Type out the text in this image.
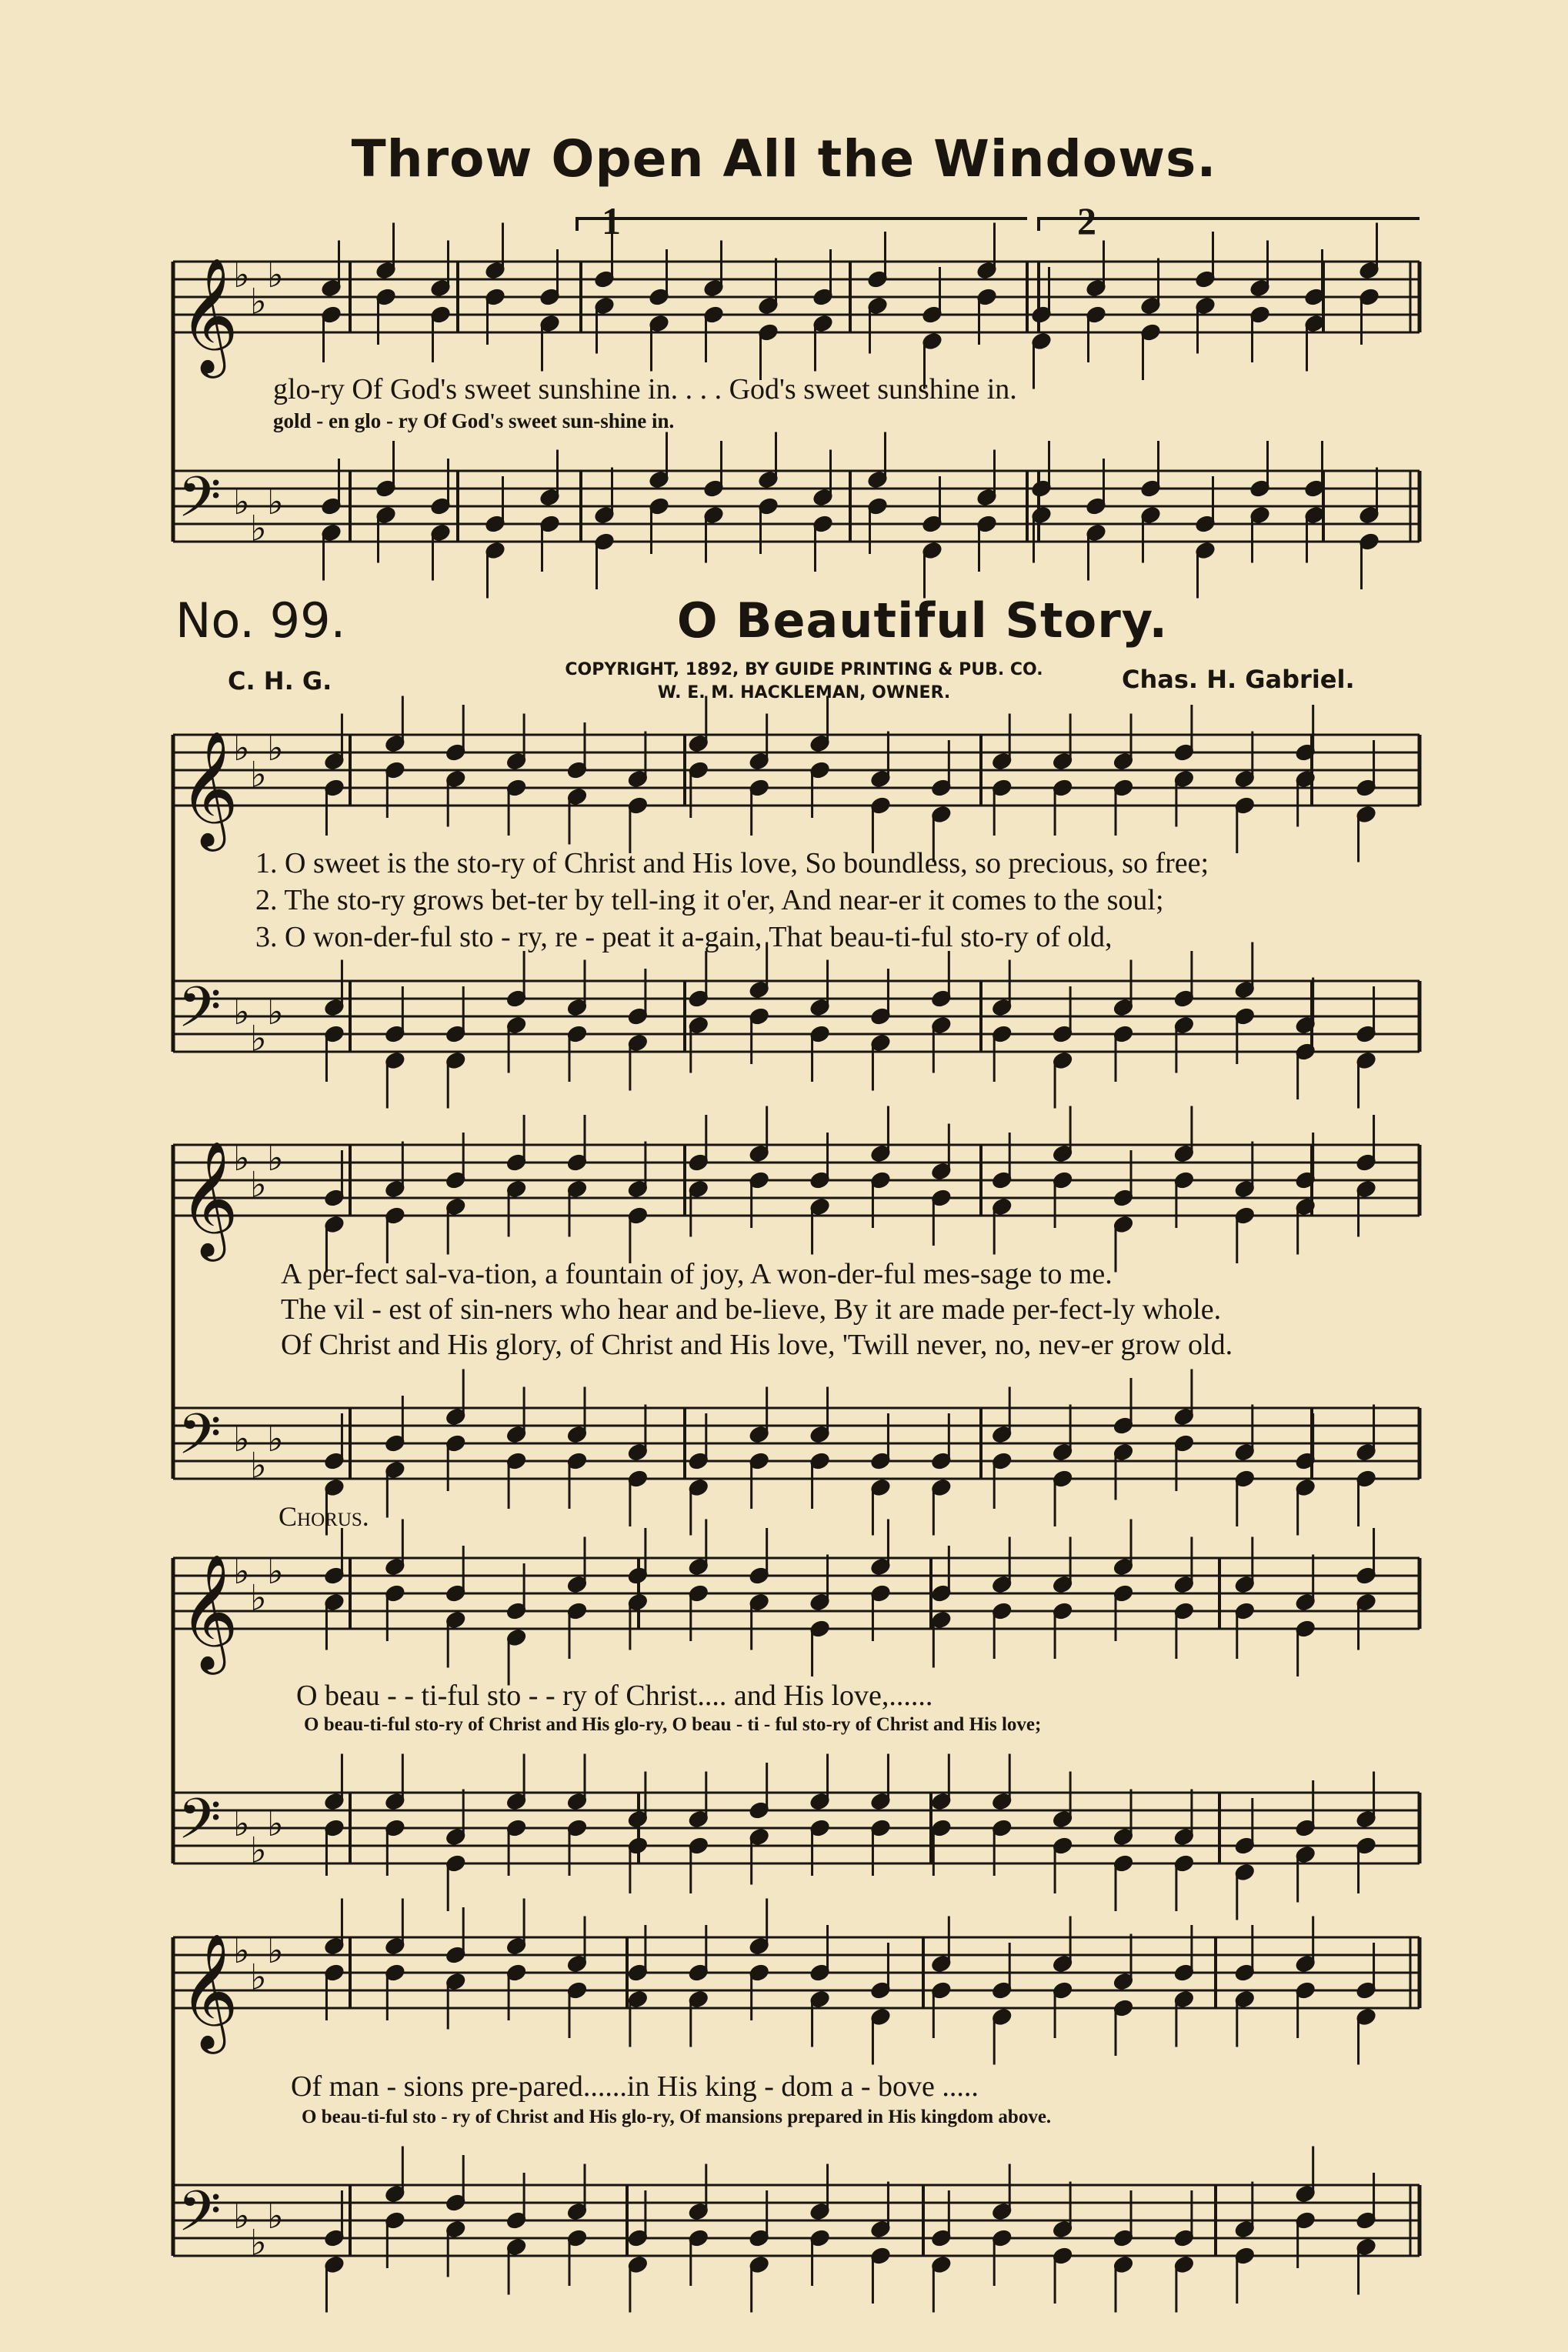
Throw Open All the Windows.
No. 99.	O Beautiful Story.
C. H. G.	COPYRIGHT, 1892, BY GUIDE PRINTING & PUB. CO.
W. E. M. HACKLEMAN, OWNER.	Chas. H. Gabriel.
1	2
𝄞
𝄢
♭
♭
♭
♭
♭
♭
𝄞
𝄢
♭
♭
♭
♭
♭
♭
𝄞
𝄢
♭
♭
♭
♭
♭
♭
𝄞
𝄢
♭
♭
♭
♭
♭
♭
𝄞
𝄢
♭
♭
♭
♭
♭
♭
glo-ry Of God's sweet sunshine in. . . . God's sweet sunshine in.
gold - en glo - ry Of God's sweet sun-shine in.
1. O sweet is the sto-ry of Christ and His love, So boundless, so precious, so free;
2. The sto-ry grows bet-ter by tell-ing it o'er, And near-er it comes to the soul;
3. O won-der-ful sto - ry, re - peat it a-gain, That beau-ti-ful sto-ry of old,
A per-fect sal-va-tion, a fountain of joy, A won-der-ful mes-sage to me.
The vil - est of sin-ners who hear and be-lieve, By it are made per-fect-ly whole.
Of Christ and His glory, of Christ and His love, 'Twill never, no, nev-er grow old.
Chorus.
O beau - - ti-ful sto - - ry of Christ.... and His love,......
O beau-ti-ful sto-ry of Christ and His glo-ry, O beau - ti - ful sto-ry of Christ and His love;
Of man - sions pre-pared......in His king - dom a - bove .....
O beau-ti-ful sto - ry of Christ and His glo-ry, Of mansions prepared in His kingdom above.
